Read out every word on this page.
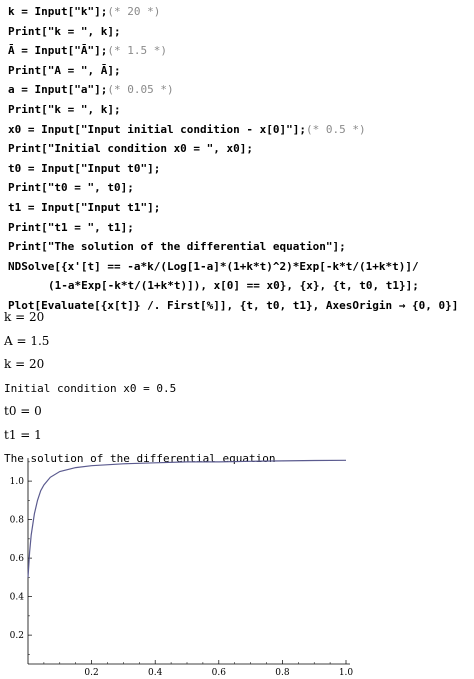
k = Input["k"];(* 20 *)
Print["k = ", k];
Ā = Input["Ā"];(* 1.5 *)
Print["A = ", Ā];
a = Input["a"];(* 0.05 *)
Print["k = ", k];
x0 = Input["Input initial condition - x[0]"];(* 0.5 *)
Print["Initial condition x0 = ", x0];
t0 = Input["Input t0"];
Print["t0 = ", t0];
t1 = Input["Input t1"];
Print["t1 = ", t1];
Print["The solution of the differential equation"];
NDSolve[{x'[t] == -a*k/(Log[1-a]*(1+k*t)^2)*Exp[-k*t/(1+k*t)]/
(1-a*Exp[-k*t/(1+k*t)]), x[0] == x0}, {x}, {t, t0, t1}];
Plot[Evaluate[{x[t]} /. First[%]], {t, t0, t1}, AxesOrigin → {0, 0}]
k = 20
A = 1.5
k = 20
Initial condition x0 = 0.5
t0 = 0
t1 = 1
The solution of the differential equation
0.2	0.4	0.6	0.8	1.0
0.2
0.4
0.6
0.8
1.0
